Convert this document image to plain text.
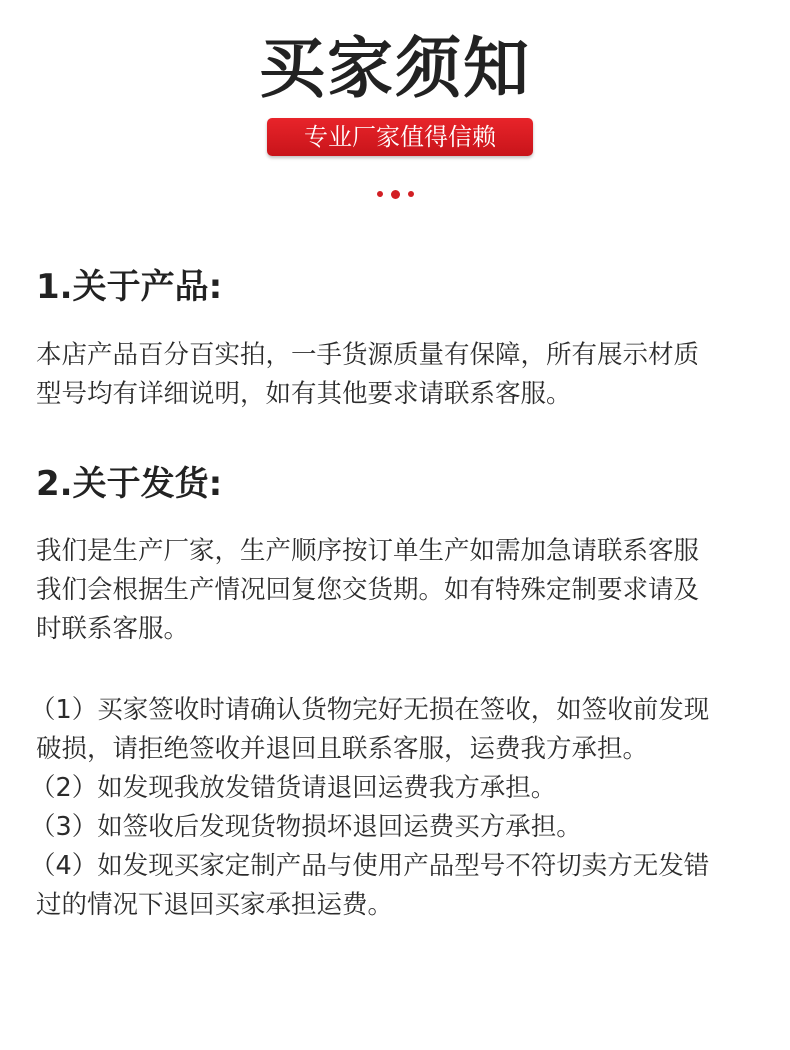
买家须知
专业厂家值得信赖
1.关于产品:
本店产品百分百实拍，一手货源质量有保障，所有展示材质
型号均有详细说明，如有其他要求请联系客服。
2.关于发货:
我们是生产厂家，生产顺序按订单生产如需加急请联系客服
我们会根据生产情况回复您交货期。如有特殊定制要求请及
时联系客服。
（1）买家签收时请确认货物完好无损在签收，如签收前发现
破损，请拒绝签收并退回且联系客服，运费我方承担。
（2）如发现我放发错货请退回运费我方承担。
（3）如签收后发现货物损坏退回运费买方承担。
（4）如发现买家定制产品与使用产品型号不符切卖方无发错
过的情况下退回买家承担运费。
